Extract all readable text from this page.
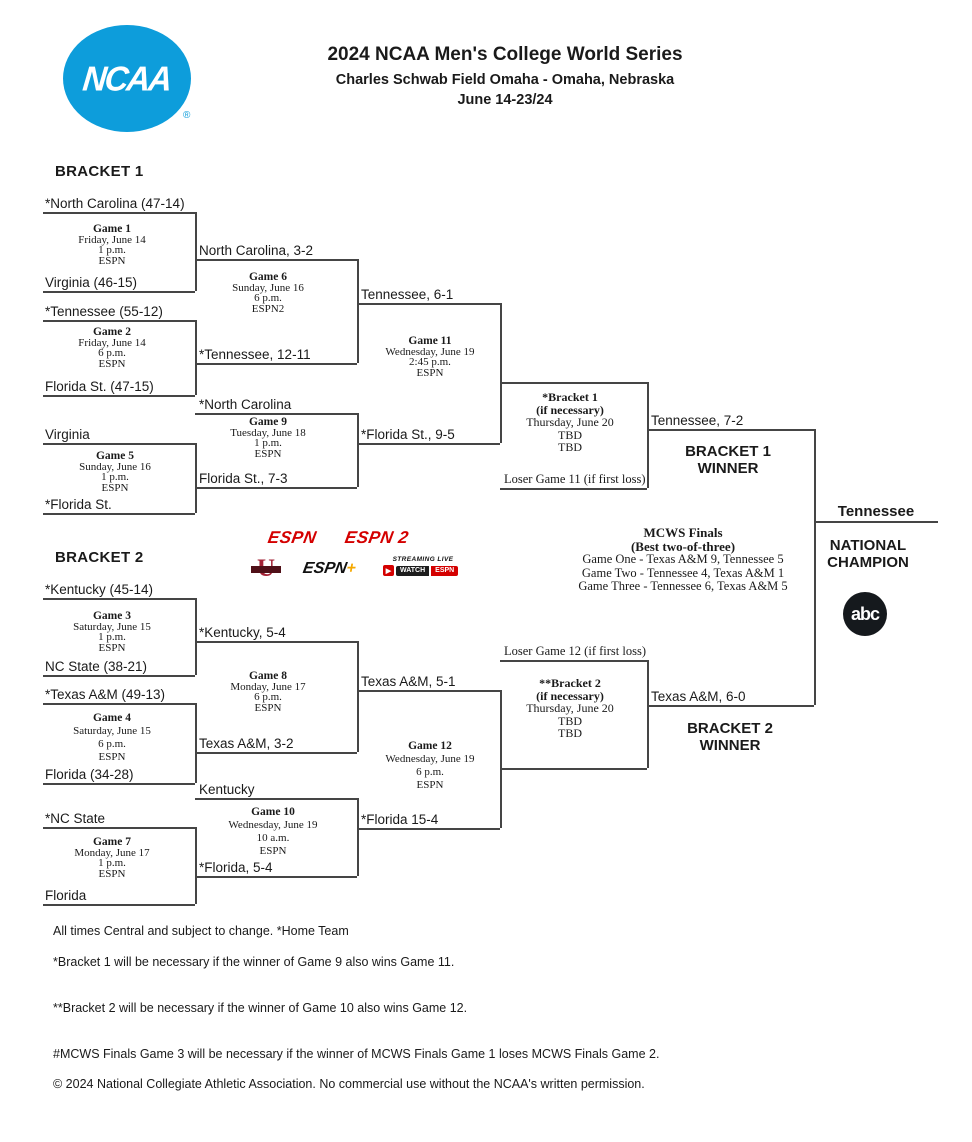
NCAA
®
2024 NCAA Men's College World Series
Charles Schwab Field Omaha - Omaha, Nebraska
June 14-23/24
BRACKET 1
BRACKET 2
*North Carolina (47-14)
Virginia (46-15)
North Carolina, 3-2
*Tennessee (55-12)
Florida St. (47-15)
*Tennessee, 12-11
Tennessee, 6-1
*North Carolina
Virginia
*Florida St.
Florida St., 7-3
*Florida St., 9-5
Loser Game 11 (if first loss)
Tennessee, 7-2
BRACKET 1 WINNER
Game 1
Friday, June 14
1 p.m.
ESPN
Game 2
Friday, June 14
6 p.m.
ESPN
Game 6
Sunday, June 16
6 p.m.
ESPN2
Game 5
Sunday, June 16
1 p.m.
ESPN
Game 9
Tuesday, June 18
1 p.m.
ESPN
Game 11
Wednesday, June 19
2:45 p.m.
ESPN
*Bracket 1
(if necessary)
Thursday, June 20
TBD
TBD
*Kentucky (45-14)
NC State (38-21)
*Kentucky, 5-4
*Texas A&M (49-13)
Florida (34-28)
Texas A&M, 3-2
Texas A&M, 5-1
Kentucky
*NC State
Florida
*Florida, 5-4
*Florida 15-4
Loser Game 12 (if first loss)
Texas A&M, 6-0
BRACKET 2 WINNER
Game 3
Saturday, June 15
1 p.m.
ESPN
Game 4
Saturday, June 15
6 p.m.
ESPN
Game 8
Monday, June 17
6 p.m.
ESPN
Game 7
Monday, June 17
1 p.m.
ESPN
Game 10
Wednesday, June 19
10 a.m.
ESPN
Game 12
Wednesday, June 19
6 p.m.
ESPN
**Bracket 2
(if necessary)
Thursday, June 20
TBD
TBD
MCWS Finals
(Best two-of-three)
Game One - Texas A&M 9, Tennessee 5
Game Two - Tennessee 4, Texas A&M 1
Game Three - Tennessee 6, Texas A&M 5
Tennessee
NATIONAL CHAMPION
abc
ESPN ESPN 2
ESPN+
STREAMING LIVE
▶	WATCH	ESPN
All times Central and subject to change. *Home Team
*Bracket 1 will be necessary if the winner of Game 9 also wins Game 11.
**Bracket 2 will be necessary if the winner of Game 10 also wins Game 12.
#MCWS Finals Game 3 will be necessary if the winner of MCWS Finals Game 1 loses MCWS Finals Game 2.
© 2024 National Collegiate Athletic Association. No commercial use without the NCAA's written permission.
